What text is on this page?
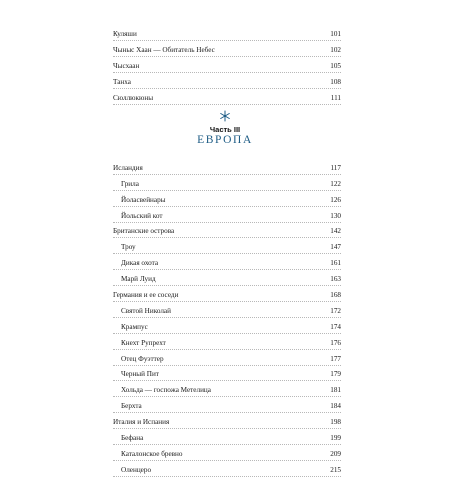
Куляши	101
Чыныс Хаан — Обитатель Небес	102
Чысхаан	105
Танха	108
Сюллюкюны	111
Часть III
ЕВРОПА
Исландия	117
Грила	122
Йоласвейнары	126
Йольский кот	130
Британские острова	142
Троу	147
Дикая охота	161
Марй Луид	163
Германия и ее соседи	168
Святой Николай	172
Крампус	174
Кнехт Рупрехт	176
Отец Фуэттер	177
Черный Пит	179
Хольда — госпожа Метелица	181
Берхта	184
Италия и Испания	198
Бефана	199
Каталонское бревно	209
Оленцеро	215
